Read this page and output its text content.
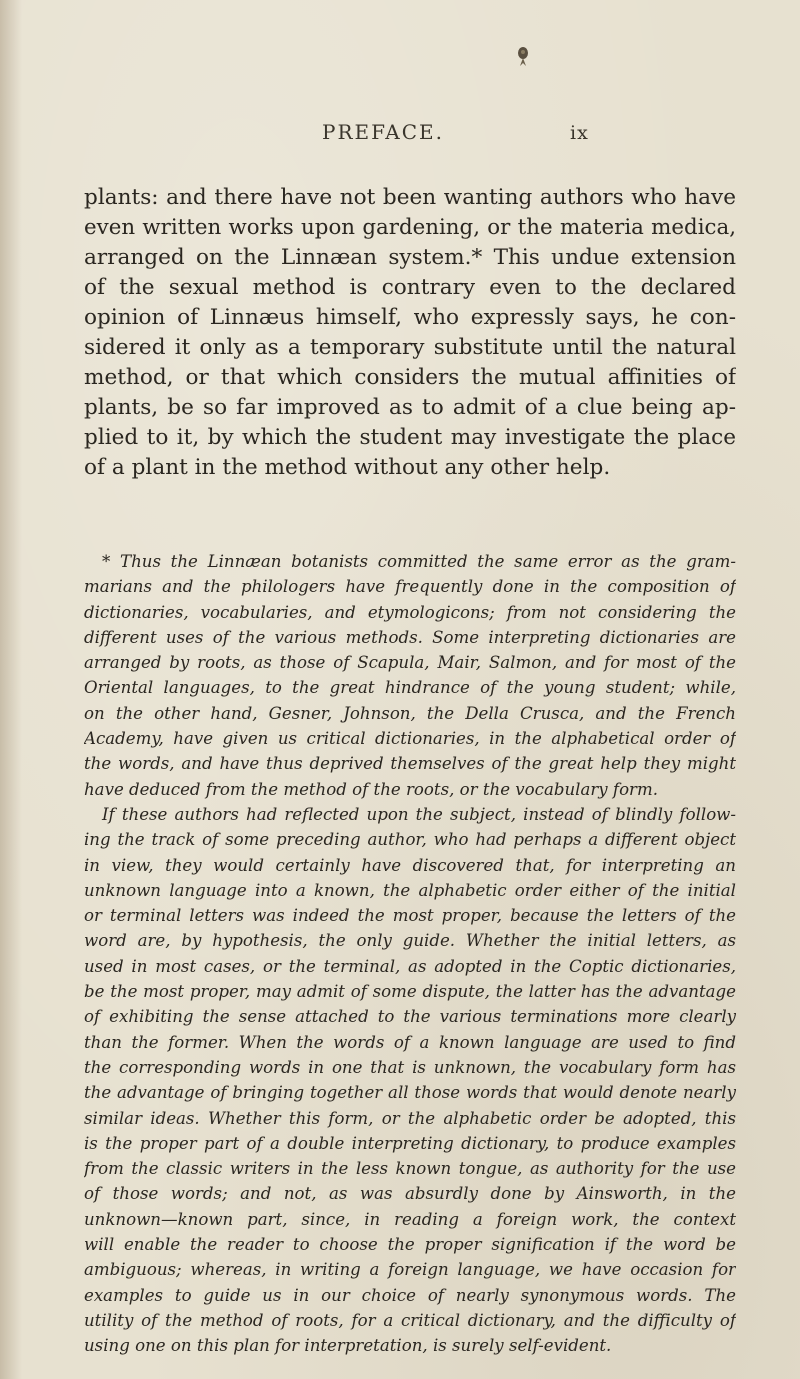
PREFACE.	ix
plants: and there have not been wanting authors who have
even written works upon gardening, or the materia medica,
arranged on the Linnæan system.* This undue extension
of the sexual method is contrary even to the declared
opinion of Linnæus himself, who expressly says, he con-
sidered it only as a temporary substitute until the natural
method, or that which considers the mutual affinities of
plants, be so far improved as to admit of a clue being ap-
plied to it, by which the student may investigate the place
of a plant in the method without any other help.
* Thus the Linnæan botanists committed the same error as the gram-
marians and the philologers have frequently done in the composition of
dictionaries, vocabularies, and etymologicons; from not considering the
different uses of the various methods. Some interpreting dictionaries are
arranged by roots, as those of Scapula, Mair, Salmon, and for most of the
Oriental languages, to the great hindrance of the young student; while,
on the other hand, Gesner, Johnson, the Della Crusca, and the French
Academy, have given us critical dictionaries, in the alphabetical order of
the words, and have thus deprived themselves of the great help they might
have deduced from the method of the roots, or the vocabulary form.
If these authors had reflected upon the subject, instead of blindly follow-
ing the track of some preceding author, who had perhaps a different object
in view, they would certainly have discovered that, for interpreting an
unknown language into a known, the alphabetic order either of the initial
or terminal letters was indeed the most proper, because the letters of the
word are, by hypothesis, the only guide. Whether the initial letters, as
used in most cases, or the terminal, as adopted in the Coptic dictionaries,
be the most proper, may admit of some dispute, the latter has the advantage
of exhibiting the sense attached to the various terminations more clearly
than the former. When the words of a known language are used to find
the corresponding words in one that is unknown, the vocabulary form has
the advantage of bringing together all those words that would denote nearly
similar ideas. Whether this form, or the alphabetic order be adopted, this
is the proper part of a double interpreting dictionary, to produce examples
from the classic writers in the less known tongue, as authority for the use
of those words; and not, as was absurdly done by Ainsworth, in the
unknown—known part, since, in reading a foreign work, the context
will enable the reader to choose the proper signification if the word be
ambiguous; whereas, in writing a foreign language, we have occasion for
examples to guide us in our choice of nearly synonymous words. The
utility of the method of roots, for a critical dictionary, and the difficulty of
using one on this plan for interpretation, is surely self-evident.
